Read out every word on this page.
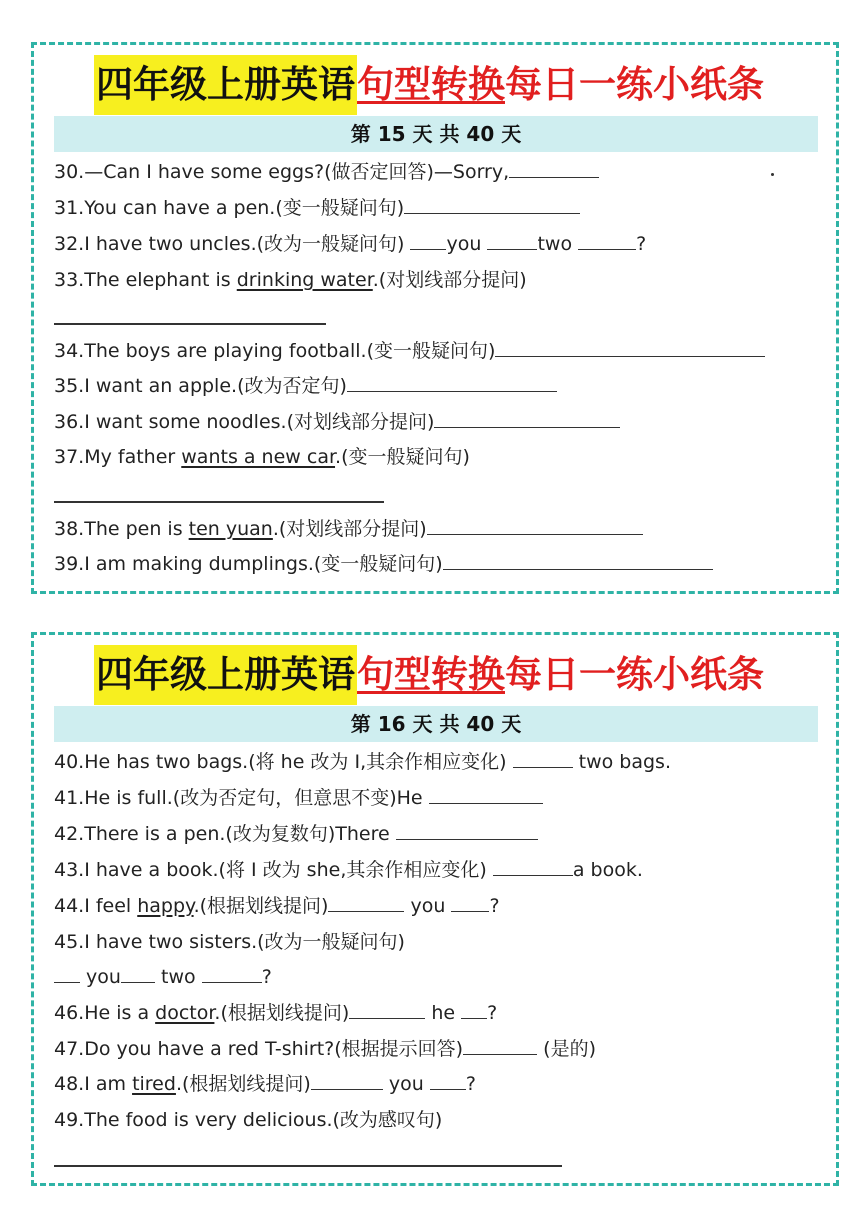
四年级上册英语句型转换每日一练小纸条
第 15 天 共 40 天
30.—Can I have some eggs?(做否定回答)—Sorry,
31.You can have a pen.(变一般疑问句)
32.I have two uncles.(改为一般疑问句) you	two	?
33.The elephant is drinking water.(对划线部分提问)
34.The boys are playing football.(变一般疑问句)
35.I want an apple.(改为否定句)
36.I want some noodles.(对划线部分提问)
37.My father wants a new car.(变一般疑问句)
38.The pen is ten yuan.(对划线部分提问)
39.I am making dumplings.(变一般疑问句)
四年级上册英语句型转换每日一练小纸条
第 16 天 共 40 天
40.He has two bags.(将 he 改为 I,其余作相应变化)	two bags.
41.He is full.(改为否定句，但意思不变)He
42.There is a pen.(改为复数句)There
43.I have a book.(将 I 改为 she,其余作相应变化)	a book.
44.I feel happy.(根据划线提问)	you ?
45.I have two sisters.(改为一般疑问句)
you two	?
46.He is a doctor.(根据划线提问)	he ?
47.Do you have a red T-shirt?(根据提示回答)	(是的)
48.I am tired.(根据划线提问)	you ?
49.The food is very delicious.(改为感叹句)
